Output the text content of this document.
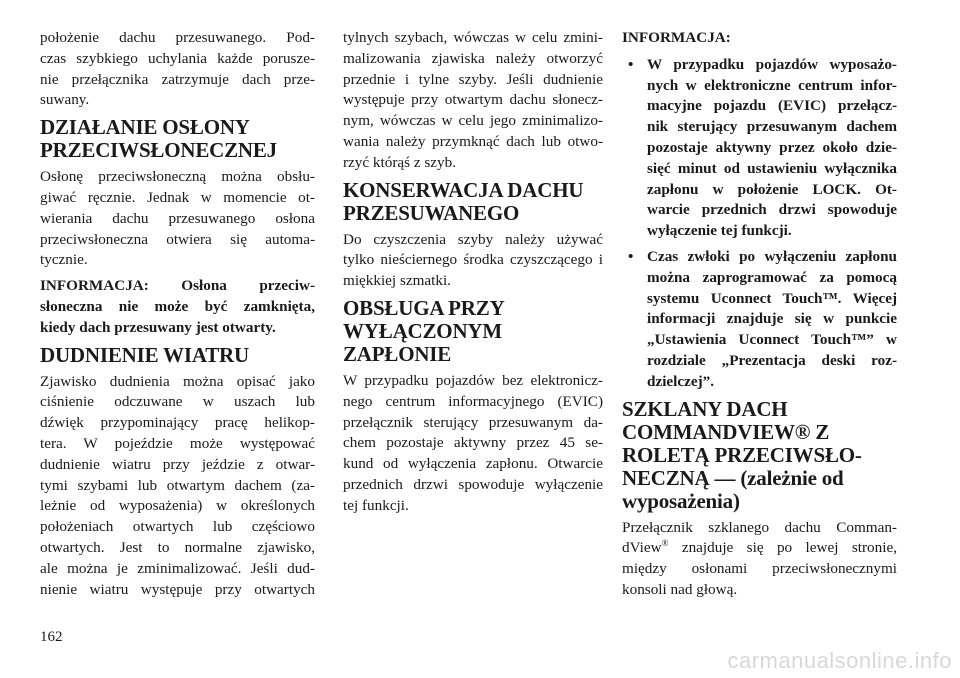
położenie dachu przesuwanego. Pod-
czas szybkiego uchylania każde porusze-
nie przełącznika zatrzymuje dach prze-
suwany.
DZIAŁANIE OSŁONY
PRZECIWSŁONECZNEJ
Osłonę przeciwsłoneczną można obsłu-
giwać ręcznie. Jednak w momencie ot-
wierania dachu przesuwanego osłona
przeciwsłoneczna otwiera się automa-
tycznie.
INFORMACJA: Osłona przeciw-
słoneczna nie może być zamknięta,
kiedy dach przesuwany jest otwarty.
DUDNIENIE WIATRU
Zjawisko dudnienia można opisać jako
ciśnienie odczuwane w uszach lub
dźwięk przypominający pracę helikop-
tera. W pojeździe może występować
dudnienie wiatru przy jeździe z otwar-
tymi szybami lub otwartym dachem (za-
leżnie od wyposażenia) w określonych
położeniach otwartych lub częściowo
otwartych. Jest to normalne zjawisko,
ale można je zminimalizować. Jeśli dud-
nienie wiatru występuje przy otwartych
tylnych szybach, wówczas w celu zmini-
malizowania zjawiska należy otworzyć
przednie i tylne szyby. Jeśli dudnienie
występuje przy otwartym dachu słonecz-
nym, wówczas w celu jego zminimalizo-
wania należy przymknąć dach lub otwo-
rzyć którąś z szyb.
KONSERWACJA DACHU
PRZESUWANEGO
Do czyszczenia szyby należy używać
tylko nieściernego środka czyszczącego i
miękkiej szmatki.
OBSŁUGA PRZY
WYŁĄCZONYM
ZAPŁONIE
W przypadku pojazdów bez elektronicz-
nego centrum informacyjnego (EVIC)
przełącznik sterujący przesuwanym da-
chem pozostaje aktywny przez 45 se-
kund od wyłączenia zapłonu. Otwarcie
przednich drzwi spowoduje wyłączenie
tej funkcji.
INFORMACJA:
• W przypadku pojazdów wyposażo-
nych w elektroniczne centrum infor-
macyjne pojazdu (EVIC) przełącz-
nik sterujący przesuwanym dachem
pozostaje aktywny przez około dzie-
sięć minut od ustawieniu wyłącznika
zapłonu w położenie LOCK. Ot-
warcie przednich drzwi spowoduje
wyłączenie tej funkcji.
• Czas zwłoki po wyłączeniu zapłonu
można zaprogramować za pomocą
systemu Uconnect Touch™. Więcej
informacji znajduje się w punkcie
„Ustawienia Uconnect Touch™” w
rozdziale „Prezentacja deski roz-
dzielczej”.
SZKLANY DACH
COMMANDVIEW® Z
ROLETĄ PRZECIWSŁO-
NECZNĄ — (zależnie od
wyposażenia)
Przełącznik szklanego dachu Comman-
dView® znajduje się po lewej stronie,
między osłonami przeciwsłonecznymi
konsoli nad głową.
162
carmanualsonline.info
